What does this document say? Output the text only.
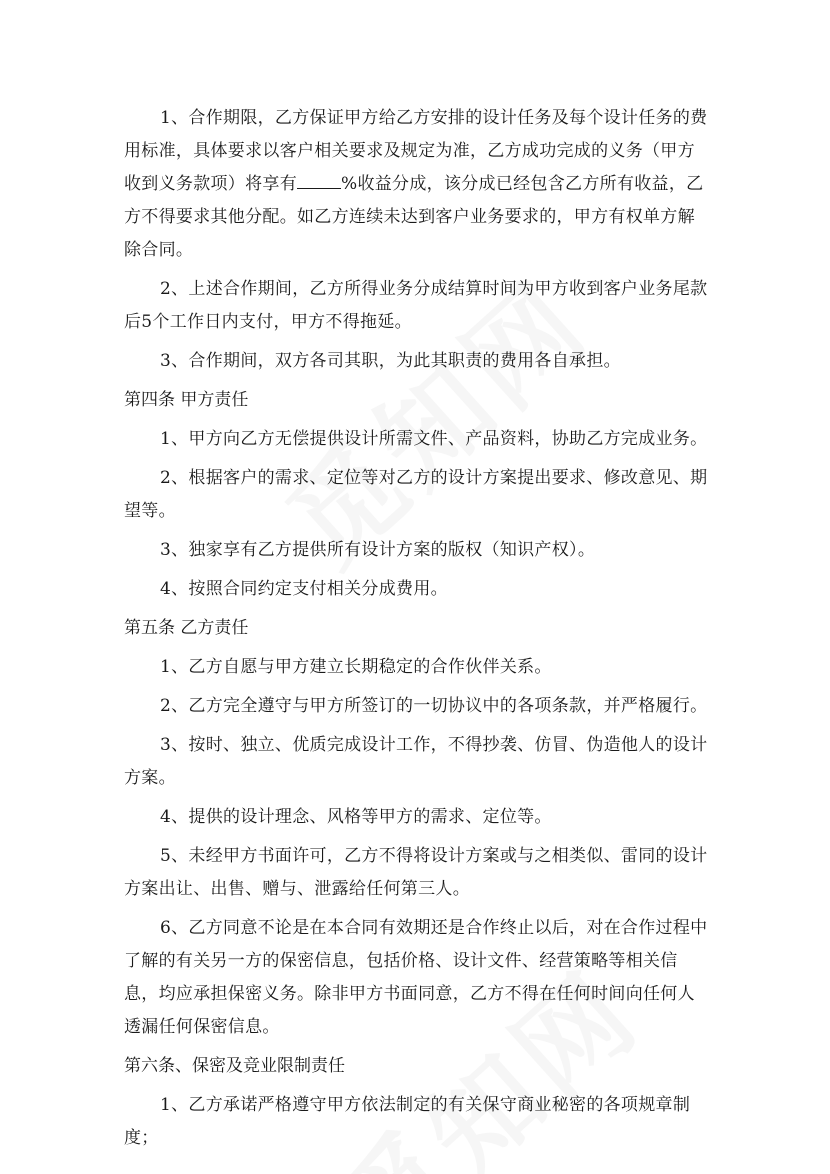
1、合作期限，乙方保证甲方给乙方安排的设计任务及每个设计任务的费用标准，具体要求以客户相关要求及规定为准，乙方成功完成的义务（甲方收到义务款项）将享有	%收益分成，该分成已经包含乙方所有收益，乙方不得要求其他分配。如乙方连续未达到客户业务要求的，甲方有权单方解除合同。

2、上述合作期间，乙方所得业务分成结算时间为甲方收到客户业务尾款后5个工作日内支付，甲方不得拖延。

3、合作期间，双方各司其职，为此其职责的费用各自承担。

第四条 甲方责任

1、甲方向乙方无偿提供设计所需文件、产品资料，协助乙方完成业务。

2、根据客户的需求、定位等对乙方的设计方案提出要求、修改意见、期望等。

3、独家享有乙方提供所有设计方案的版权（知识产权）。

4、按照合同约定支付相关分成费用。

第五条 乙方责任

1、乙方自愿与甲方建立长期稳定的合作伙伴关系。

2、乙方完全遵守与甲方所签订的一切协议中的各项条款，并严格履行。

3、按时、独立、优质完成设计工作，不得抄袭、仿冒、伪造他人的设计方案。

4、提供的设计理念、风格等甲方的需求、定位等。

5、未经甲方书面许可，乙方不得将设计方案或与之相类似、雷同的设计方案出让、出售、赠与、泄露给任何第三人。

6、乙方同意不论是在本合同有效期还是合作终止以后，对在合作过程中了解的有关另一方的保密信息，包括价格、设计文件、经营策略等相关信息，均应承担保密义务。除非甲方书面同意，乙方不得在任何时间向任何人透漏任何保密信息。

第六条、保密及竞业限制责任

1、乙方承诺严格遵守甲方依法制定的有关保守商业秘密的各项规章制度；
